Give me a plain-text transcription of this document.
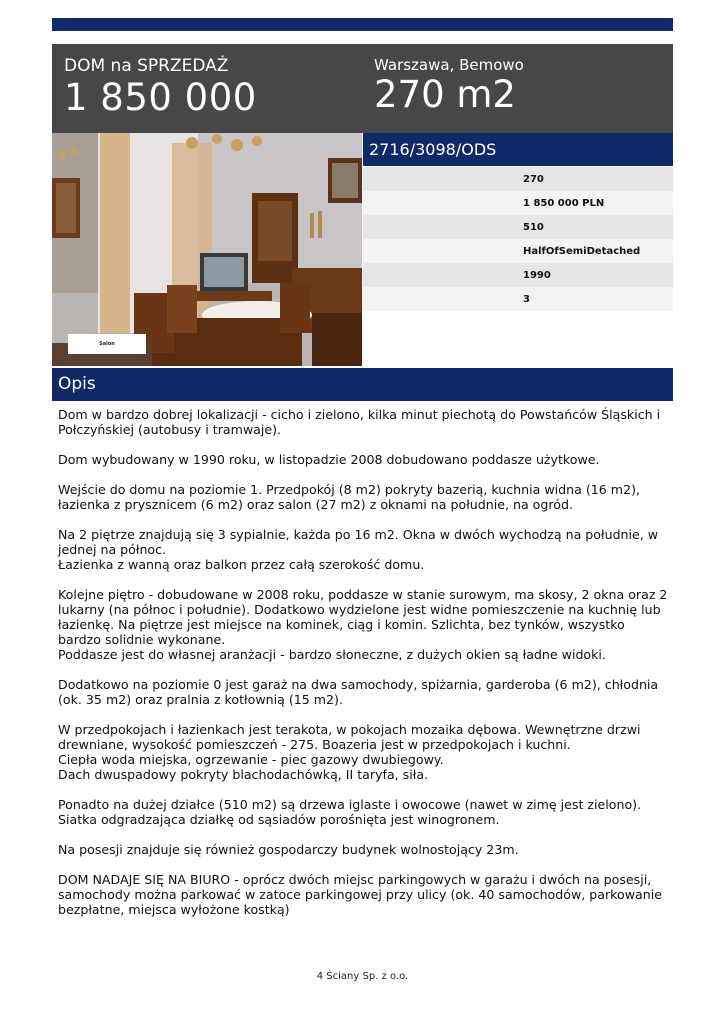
DOM na SPRZEDAŻ
1 850 000
Warszawa, Bemowo
270 m2
Salon
2716/3098/ODS
270
1 850 000 PLN
510
HalfOfSemiDetached
1990
3
Opis

Dom w bardzo dobrej lokalizacji - cicho i zielono, kilka minut piechotą do Powstańców Śląskich i Połczyńskiej (autobusy i tramwaje).

Dom wybudowany w 1990 roku, w listopadzie 2008 dobudowano poddasze użytkowe.

Wejście do domu na poziomie 1. Przedpokój (8 m2) pokryty bazerią, kuchnia widna (16 m2), łazienka z prysznicem (6 m2) oraz salon (27 m2) z oknami na południe, na ogród.

Na 2 piętrze znajdują się 3 sypialnie, każda po 16 m2. Okna w dwóch wychodzą na południe, w jednej na północ.
Łazienka z wanną oraz balkon przez całą szerokość domu.

Kolejne piętro - dobudowane w 2008 roku, poddasze w stanie surowym, ma skosy, 2 okna oraz 2 lukarny (na północ i południe). Dodatkowo wydzielone jest widne pomieszczenie na kuchnię lub łazienkę. Na piętrze jest miejsce na kominek, ciąg i komin. Szlichta, bez tynków, wszystko bardzo solidnie wykonane.
Poddasze jest do własnej aranżacji - bardzo słoneczne, z dużych okien są ładne widoki.

Dodatkowo na poziomie 0 jest garaż na dwa samochody, spiżarnia, garderoba (6 m2), chłodnia (ok. 35 m2) oraz pralnia z kotłownią (15 m2).

W przedpokojach i łazienkach jest terakota, w pokojach mozaika dębowa. Wewnętrzne drzwi drewniane, wysokość pomieszczeń - 275. Boazeria jest w przedpokojach i kuchni.
Ciepła woda miejska, ogrzewanie - piec gazowy dwubiegowy.
Dach dwuspadowy pokryty blachodachówką, II taryfa, siła.

Ponadto na dużej działce (510 m2) są drzewa iglaste i owocowe (nawet w zimę jest zielono). Siatka odgradzająca działkę od sąsiadów porośnięta jest winogronem.

Na posesji znajduje się również gospodarczy budynek wolnostojący 23m.

DOM NADAJE SIĘ NA BIURO - oprócz dwóch miejsc parkingowych w garażu i dwóch na posesji, samochody można parkować w zatoce parkingowej przy ulicy (ok. 40 samochodów, parkowanie bezpłatne, miejsca wyłożone kostką)

4 Ściany Sp. z o.o.
